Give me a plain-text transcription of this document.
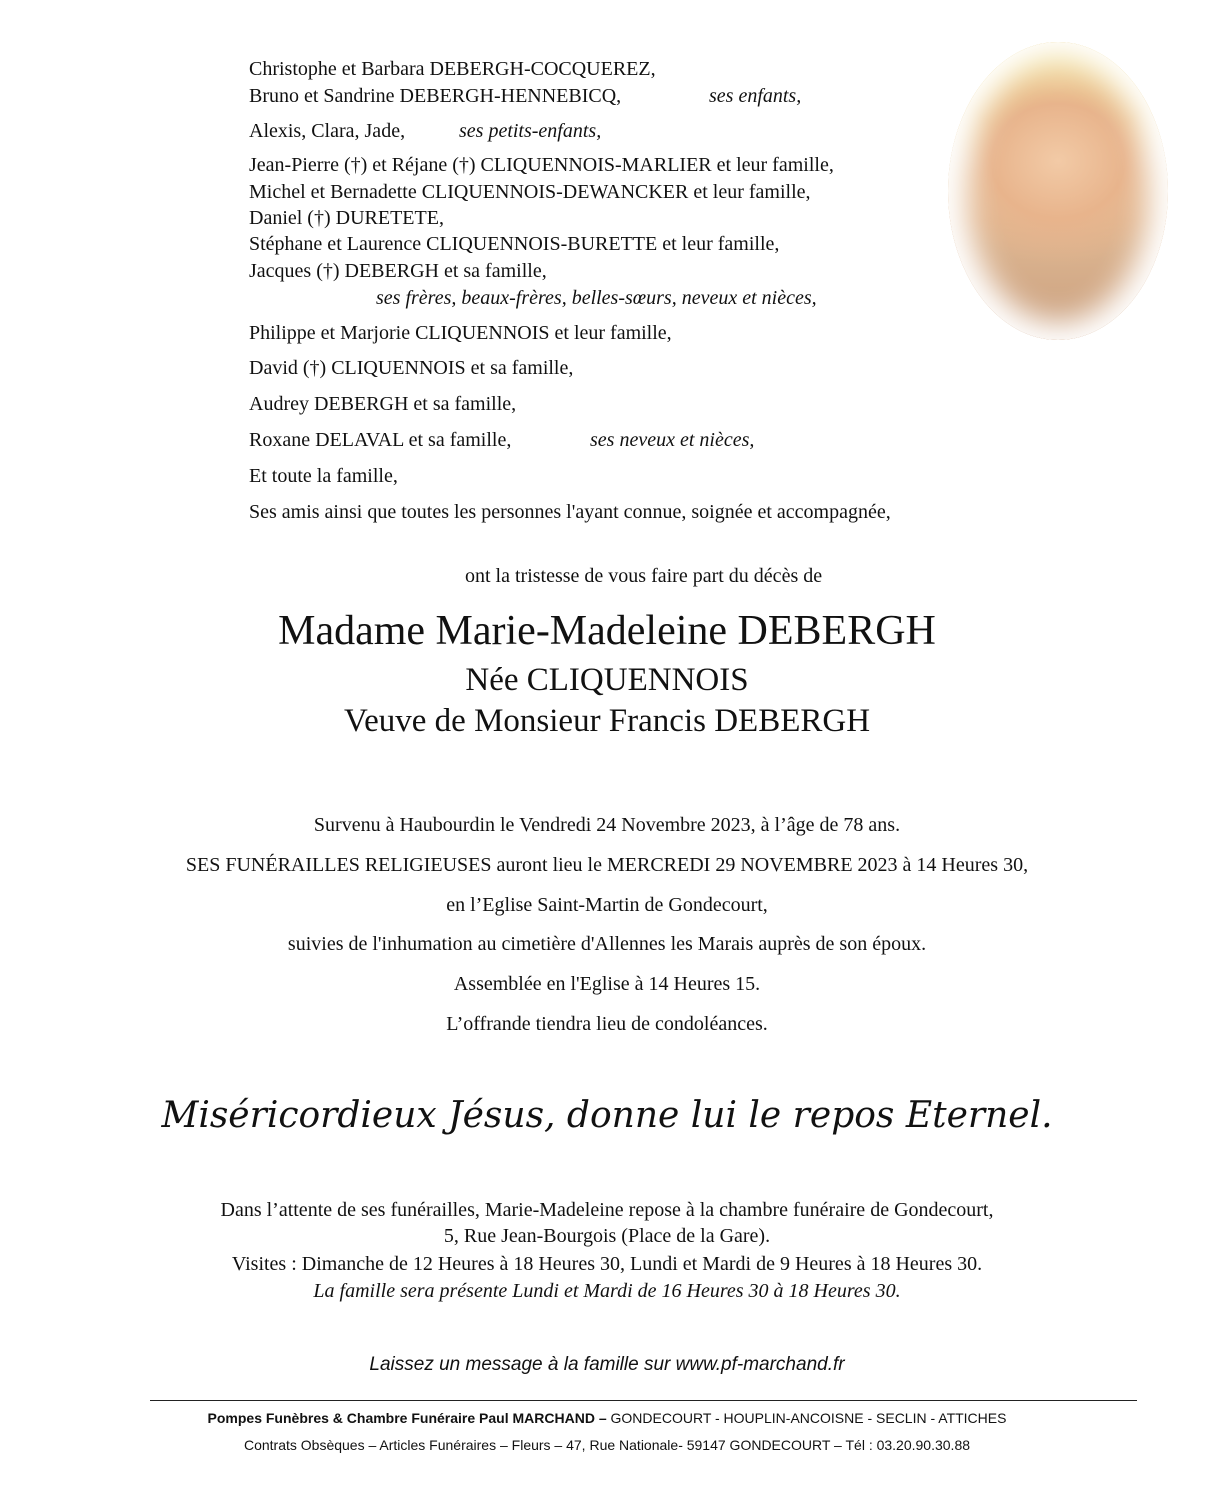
Christophe et Barbara DEBERGH-COCQUEREZ,
Bruno et Sandrine DEBERGH-HENNEBICQ,	ses enfants,
Alexis, Clara, Jade,	ses petits-enfants,
Jean-Pierre (†) et Réjane (†) CLIQUENNOIS-MARLIER et leur famille,
Michel et Bernadette CLIQUENNOIS-DEWANCKER et leur famille,
Daniel (†) DURETETE,
Stéphane et Laurence CLIQUENNOIS-BURETTE et leur famille,
Jacques (†) DEBERGH et sa famille,
ses frères, beaux-frères, belles-sœurs, neveux et nièces,
Philippe et Marjorie CLIQUENNOIS et leur famille,
David (†) CLIQUENNOIS et sa famille,
Audrey DEBERGH et sa famille,
Roxane DELAVAL et sa famille,	ses neveux et nièces,
Et toute la famille,
Ses amis ainsi que toutes les personnes l'ayant connue, soignée et accompagnée,
ont la tristesse de vous faire part du décès de
Madame Marie-Madeleine DEBERGH
Née CLIQUENNOIS
Veuve de Monsieur Francis DEBERGH
Survenu à Haubourdin le Vendredi 24 Novembre 2023, à l’âge de 78 ans.
SES FUNÉRAILLES RELIGIEUSES auront lieu le MERCREDI 29 NOVEMBRE 2023 à 14 Heures 30,
en l’Eglise Saint-Martin de Gondecourt,
suivies de l'inhumation au cimetière d'Allennes les Marais auprès de son époux.
Assemblée en l'Eglise à 14 Heures 15.
L’offrande tiendra lieu de condoléances.
Miséricordieux Jésus, donne lui le repos Eternel.
Dans l’attente de ses funérailles, Marie-Madeleine repose à la chambre funéraire de Gondecourt,
5, Rue Jean-Bourgois (Place de la Gare).
Visites : Dimanche de 12 Heures à 18 Heures 30, Lundi et Mardi de 9 Heures à 18 Heures 30.
La famille sera présente Lundi et Mardi de 16 Heures 30 à 18 Heures 30.
Laissez un message à la famille sur www.pf-marchand.fr
Pompes Funèbres & Chambre Funéraire Paul MARCHAND – GONDECOURT - HOUPLIN-ANCOISNE - SECLIN - ATTICHES
Contrats Obsèques – Articles Funéraires – Fleurs – 47, Rue Nationale- 59147 GONDECOURT – Tél : 03.20.90.30.88
